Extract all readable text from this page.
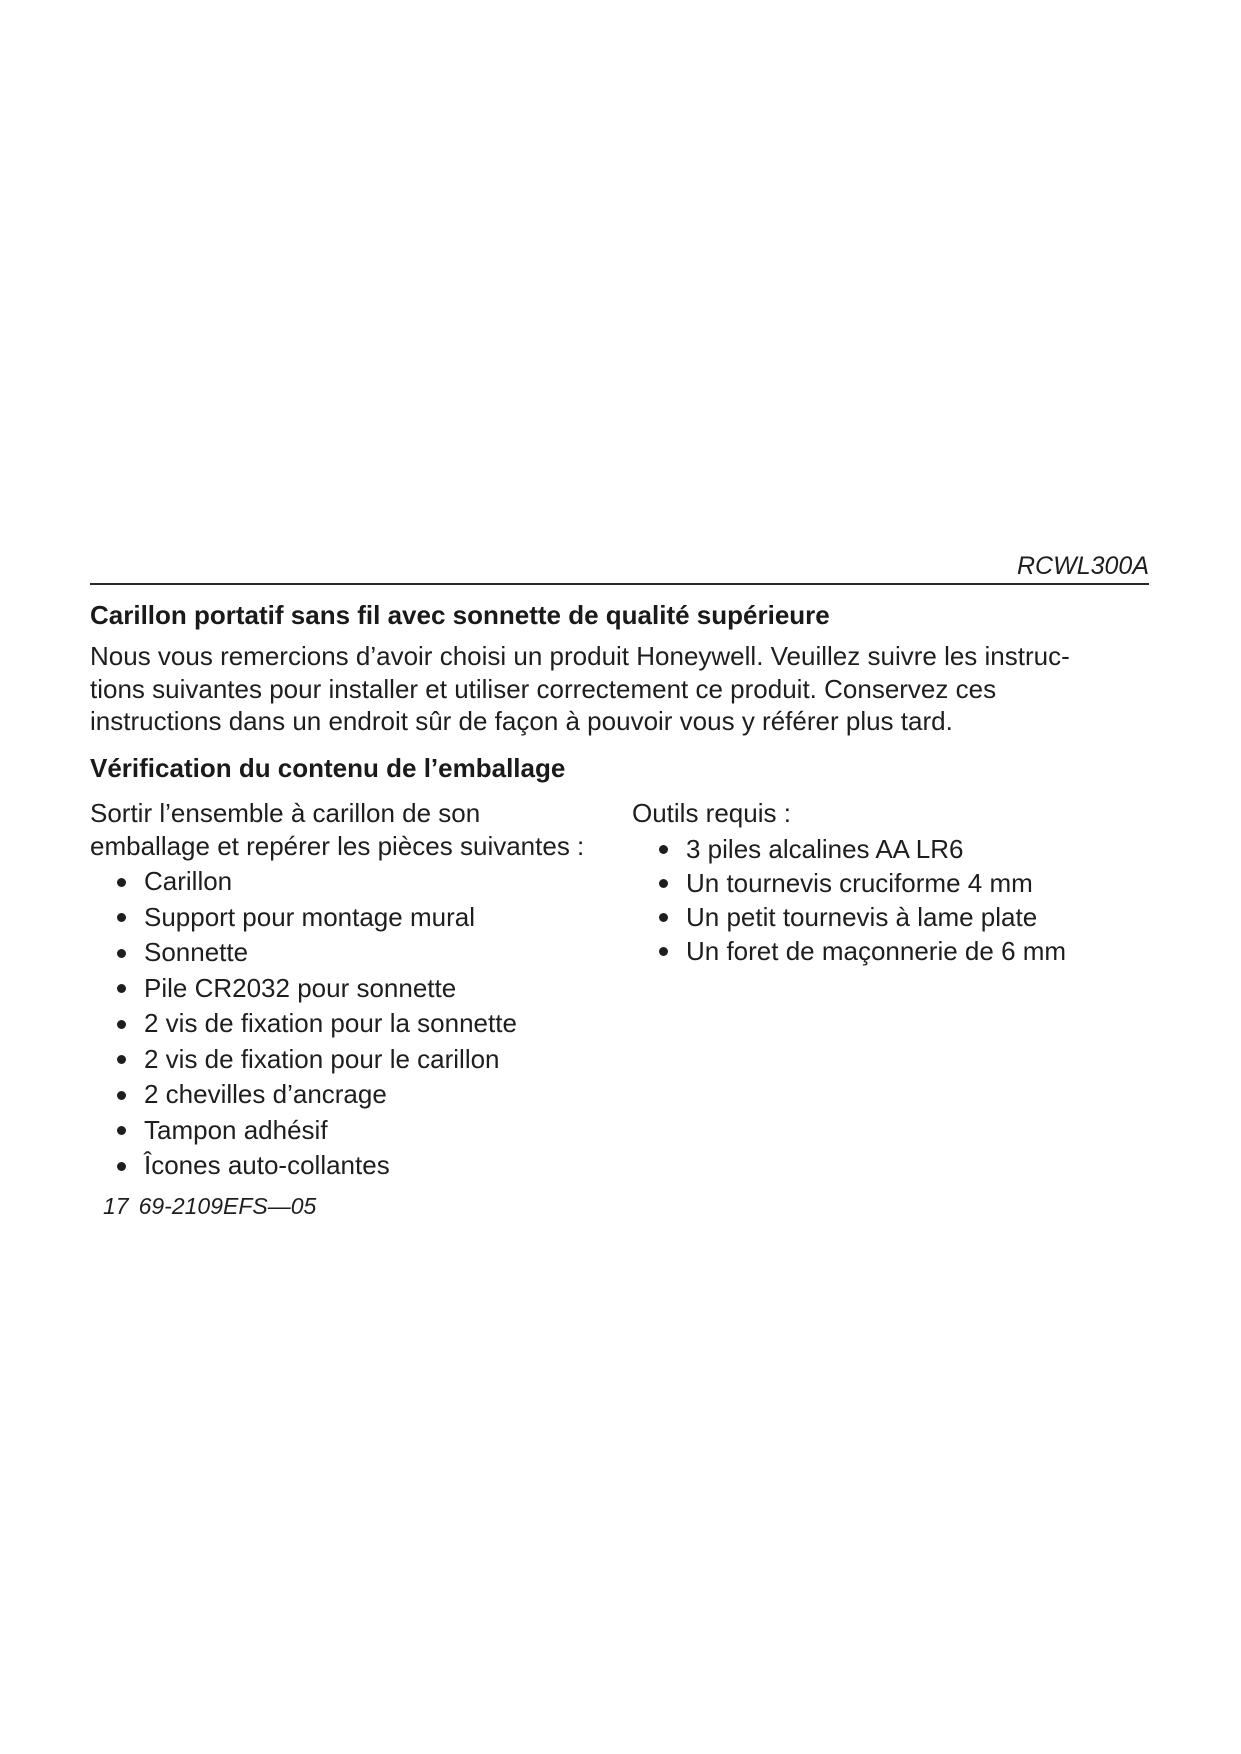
RCWL300A
Carillon portatif sans fil avec sonnette de qualité supérieure

Nous vous remercions d’avoir choisi un produit Honeywell. Veuillez suivre les instruc-
tions suivantes pour installer et utiliser correctement ce produit. Conservez ces
instructions dans un endroit sûr de façon à pouvoir vous y référer plus tard.

Vérification du contenu de l’emballage

Sortir l’ensemble à carillon de son
emballage et repérer les pièces suivantes :

Carillon
Support pour montage mural
Sonnette
Pile CR2032 pour sonnette
2 vis de fixation pour la sonnette
2 vis de fixation pour le carillon
2 chevilles d’ancrage
Tampon adhésif
Îcones auto-collantes

Outils requis :

3 piles alcalines AA LR6
Un tournevis cruciforme 4 mm
Un petit tournevis à lame plate
Un foret de maçonnerie de 6 mm
17 69-2109EFS—05
